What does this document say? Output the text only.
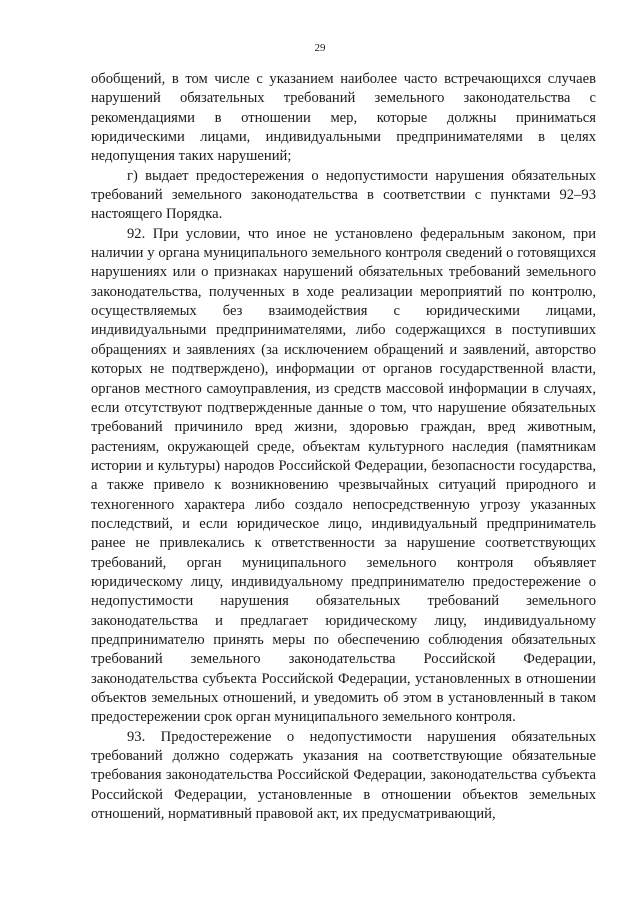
29

обобщений, в том числе с указанием наиболее часто встречающихся случаев нарушений обязательных требований земельного законодательства с рекомендациями в отношении мер, которые должны приниматься юридическими лицами, индивидуальными предпринимателями в целях недопущения таких нарушений;

г) выдает предостережения о недопустимости нарушения обязательных требований земельного законодательства в соответствии с пунктами 92–93 настоящего Порядка.

92. При условии, что иное не установлено федеральным законом, при наличии у органа муниципального земельного контроля сведений о готовящихся нарушениях или о признаках нарушений обязательных требований земельного законодательства, полученных в ходе реализации мероприятий по контролю, осуществляемых без взаимодействия с юридическими лицами, индивидуальными предпринимателями, либо содержащихся в поступивших обращениях и заявлениях (за исключением обращений и заявлений, авторство которых не подтверждено), информации от органов государственной власти, органов местного самоуправления, из средств массовой информации в случаях, если отсутствуют подтвержденные данные о том, что нарушение обязательных требований причинило вред жизни, здоровью граждан, вред животным, растениям, окружающей среде, объектам культурного наследия (памятникам истории и культуры) народов Российской Федерации, безопасности государства, а также привело к возникновению чрезвычайных ситуаций природного и техногенного характера либо создало непосредственную угрозу указанных последствий, и если юридическое лицо, индивидуальный предприниматель ранее не привлекались к ответственности за нарушение соответствующих требований, орган муниципального земельного контроля объявляет юридическому лицу, индивидуальному предпринимателю предостережение о недопустимости нарушения обязательных требований земельного законодательства и предлагает юридическому лицу, индивидуальному предпринимателю принять меры по обеспечению соблюдения обязательных требований земельного законодательства Российской Федерации, законодательства субъекта Российской Федерации, установленных в отношении объектов земельных отношений, и уведомить об этом в установленный в таком предостережении срок орган муниципального земельного контроля.

93. Предостережение о недопустимости нарушения обязательных требований должно содержать указания на соответствующие обязательные требования законодательства Российской Федерации, законодательства субъекта Российской Федерации, установленные в отношении объектов земельных отношений, нормативный правовой акт, их предусматривающий,
